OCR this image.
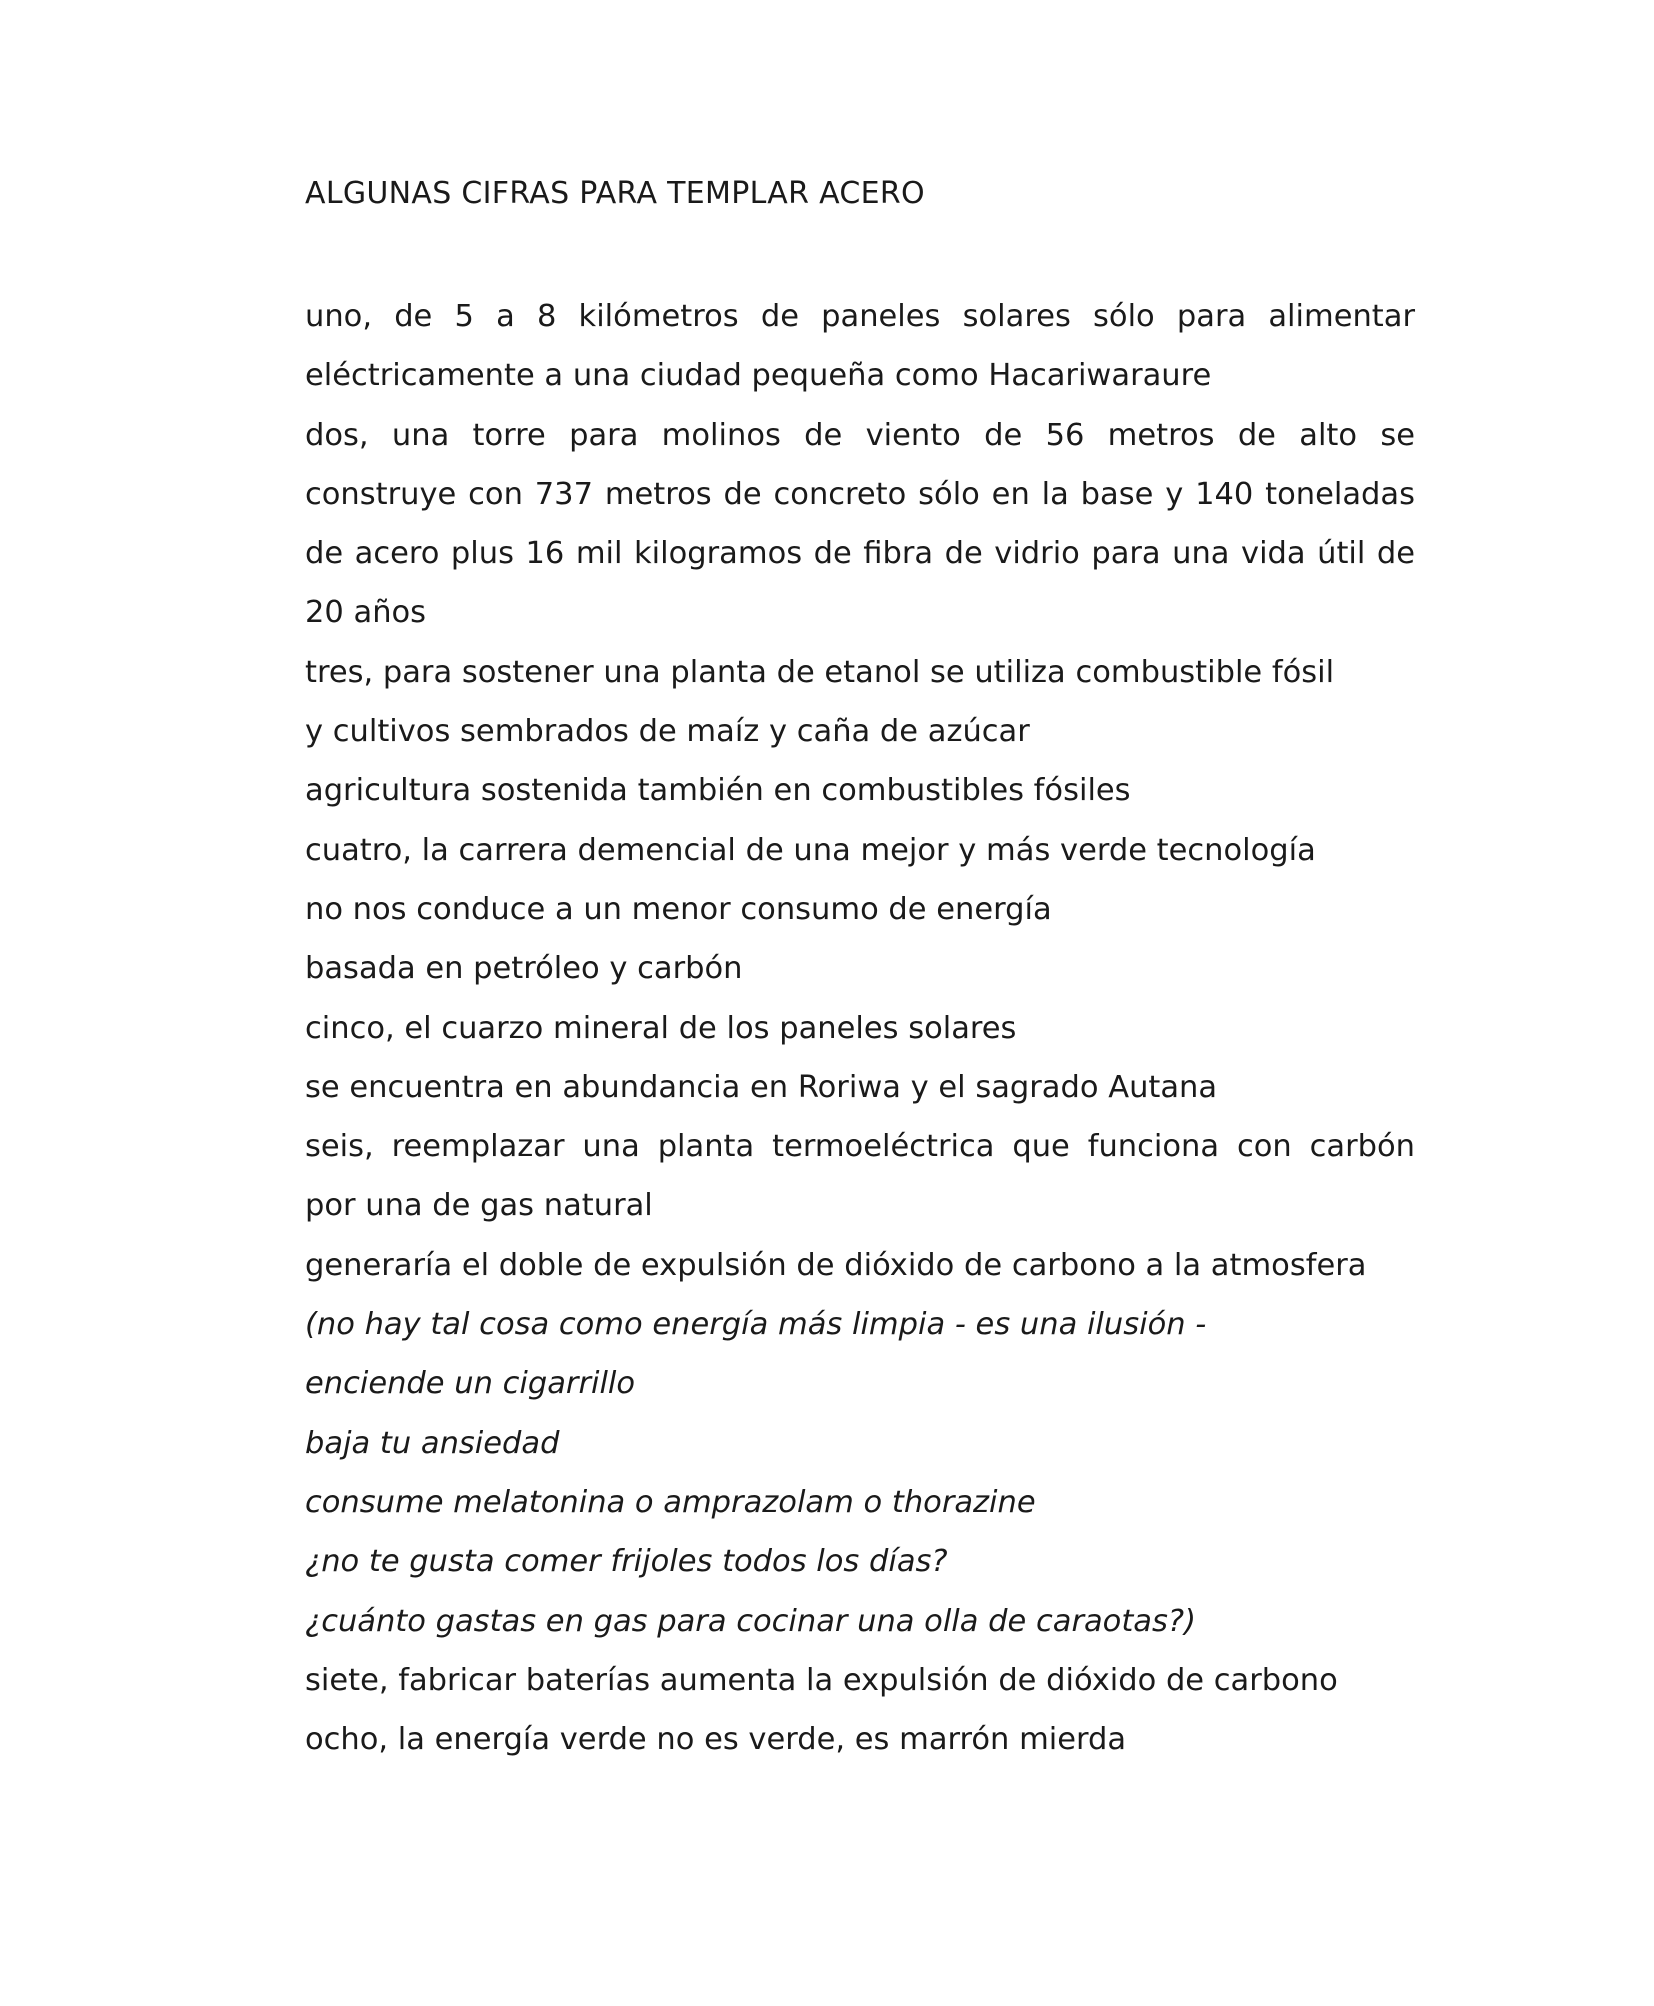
ALGUNAS CIFRAS PARA TEMPLAR ACERO
uno, de 5 a 8 kilómetros de paneles solares sólo para alimentar
eléctricamente a una ciudad pequeña como Hacariwaraure
dos, una torre para molinos de viento de 56 metros de alto se
construye con 737 metros de concreto sólo en la base y 140 toneladas
de acero plus 16 mil kilogramos de fibra de vidrio para una vida útil de
20 años
tres, para sostener una planta de etanol se utiliza combustible fósil
y cultivos sembrados de maíz y caña de azúcar
agricultura sostenida también en combustibles fósiles
cuatro, la carrera demencial de una mejor y más verde tecnología
no nos conduce a un menor consumo de energía
basada en petróleo y carbón
cinco, el cuarzo mineral de los paneles solares
se encuentra en abundancia en Roriwa y el sagrado Autana
seis, reemplazar una planta termoeléctrica que funciona con carbón
por una de gas natural
generaría el doble de expulsión de dióxido de carbono a la atmosfera
(no hay tal cosa como energía más limpia - es una ilusión -
enciende un cigarrillo
baja tu ansiedad
consume melatonina o amprazolam o thorazine
¿no te gusta comer frijoles todos los días?
¿cuánto gastas en gas para cocinar una olla de caraotas?)
siete, fabricar baterías aumenta la expulsión de dióxido de carbono
ocho, la energía verde no es verde, es marrón mierda
